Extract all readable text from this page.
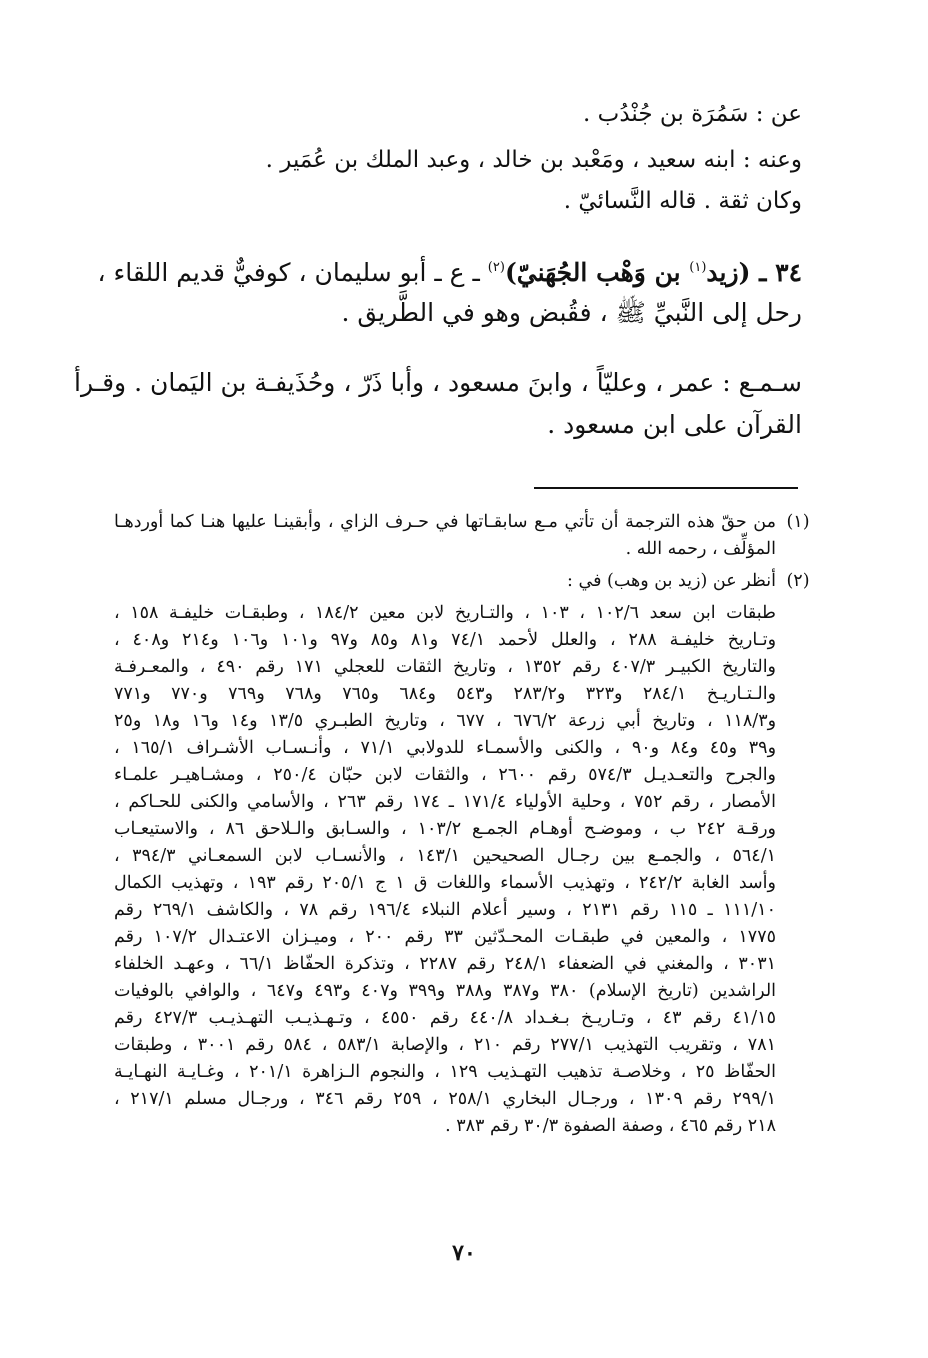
عن : سَمُرَة بن جُنْدُب .
وعنه : ابنه سعيد ، ومَعْبد بن خالد ، وعبد الملك بن عُمَير .
وكان ثقة . قاله النَّسائيّ .
٣٤ ـ (زيد$^{(١)}$ بن وَهْب الجُهَنيّ)$^{(٢)}$ ـ ع ـ أبو سليمان ، كوفيٌّ قديم اللقاء ،
رحل إلى النَّبيِّ ﷺ ، فقُبض وهو في الطَّريق .
سـمـع : عمر ، وعليّاً ، وابنَ مسعود ، وأبا ذَرّ ، وحُذَيفـة بن اليَمان . وقـرأ
القرآن على ابن مسعود .
(١)
من حقّ هذه الترجمة أن تأتي مـع سابقـاتها في حـرف الزاي ، وأبقينـا عليها هنـا كما أوردهـا
المؤلِّف ، رحمه الله .
(٢)
أنظر عن (زيد بن وهب) في :
طبقات ابن سعد ١٠٢/٦ ، ١٠٣ ، والتـاريخ لابن معين ١٨٤/٢ ، وطبقـات خليفـة ١٥٨ ،
وتـاريخ خليفـة ٢٨٨ ، والعلل لأحمد ٧٤/١ و٨١ و٨٥ و٩٧ و١٠١ و١٠٦ و٢١٤ و٤٠٨ ،
والتاريخ الكبيـر ٤٠٧/٣ رقم ١٣٥٢ ، وتاريخ الثقات للعجلي ١٧١ رقم ٤٩٠ ، والمعـرفـة
والـتـاريـخ ٢٨٤/١ و٣٢٣ و٢٨٣/٢ و٥٤٣ و٦٨٤ و٧٦٥ و٧٦٨ و٧٦٩ و٧٧٠ و٧٧١
و١١٨/٣ ، وتاريخ أبي زرعة ٦٧٦/٢ ، ٦٧٧ ، وتاريخ الطبـري ١٣/٥ و١٤ و١٦ و١٨ و٢٥
و٣٩ و٤٥ و٨٤ و٩٠ ، والكنى والأسمـاء للدولابي ٧١/١ ، وأنـسـاب الأشـراف ١٦٥/١ ،
والجرح والتعـديـل ٥٧٤/٣ رقم ٢٦٠٠ ، والثقات لابن حبّان ٢٥٠/٤ ، ومشـاهيـر علمـاء
الأمصار ، رقم ٧٥٢ ، وحلية الأولياء ١٧١/٤ ـ ١٧٤ رقم ٢٦٣ ، والأسامي والكنى للحـاكم ،
ورقـة ٢٤٢ ب ، وموضـح أوهـام الجمـع ١٠٣/٢ ، والسـابق والـلاحق ٨٦ ، والاستيعـاب
٥٦٤/١ ، والجمـع بين رجـال الصحيحين ١٤٣/١ ، والأنسـاب لابن السمعـاني ٣٩٤/٣ ،
وأسد الغابة ٢٤٢/٢ ، وتهذيب الأسماء واللغات ق ١ ج ٢٠٥/١ رقم ١٩٣ ، وتهذيب الكمال
١١١/١٠ ـ ١١٥ رقم ٢١٣١ ، وسير أعلام النبلاء ١٩٦/٤ رقم ٧٨ ، والكاشف ٢٦٩/١ رقم
١٧٧٥ ، والمعين في طبقـات المحـدّثين ٣٣ رقم ٢٠٠ ، وميـزان الاعتـدال ١٠٧/٢ رقم
٣٠٣١ ، والمغني في الضعفاء ٢٤٨/١ رقم ٢٢٨٧ ، وتذكرة الحفّاظ ٦٦/١ ، وعهـد الخلفاء
الراشدين (تاريخ الإسلام) ٣٨٠ و٣٨٧ و٣٨٨ و٣٩٩ و٤٠٧ و٤٩٣ و٦٤٧ ، والوافي بالوفيات
٤١/١٥ رقم ٤٣ ، وتـاريـخ بـغـداد ٤٤٠/٨ رقم ٤٥٥٠ ، وتـهـذيـب التهـذيـب ٤٢٧/٣ رقم
٧٨١ ، وتقريب التهذيب ٢٧٧/١ رقم ٢١٠ ، والإصابة ٥٨٣/١ ، ٥٨٤ رقم ٣٠٠١ ، وطبقات
الحفّاظ ٢٥ ، وخلاصـة تذهيب التهـذيب ١٢٩ ، والنجوم الـزاهرة ٢٠١/١ ، وغـايـة النهـايـة
٢٩٩/١ رقم ١٣٠٩ ، ورجـال البخاري ٢٥٨/١ ، ٢٥٩ رقم ٣٤٦ ، ورجـال مسلم ٢١٧/١ ،
٢١٨ رقم ٤٦٥ ، وصفة الصفوة ٣٠/٣ رقم ٣٨٣ .
٧٠
